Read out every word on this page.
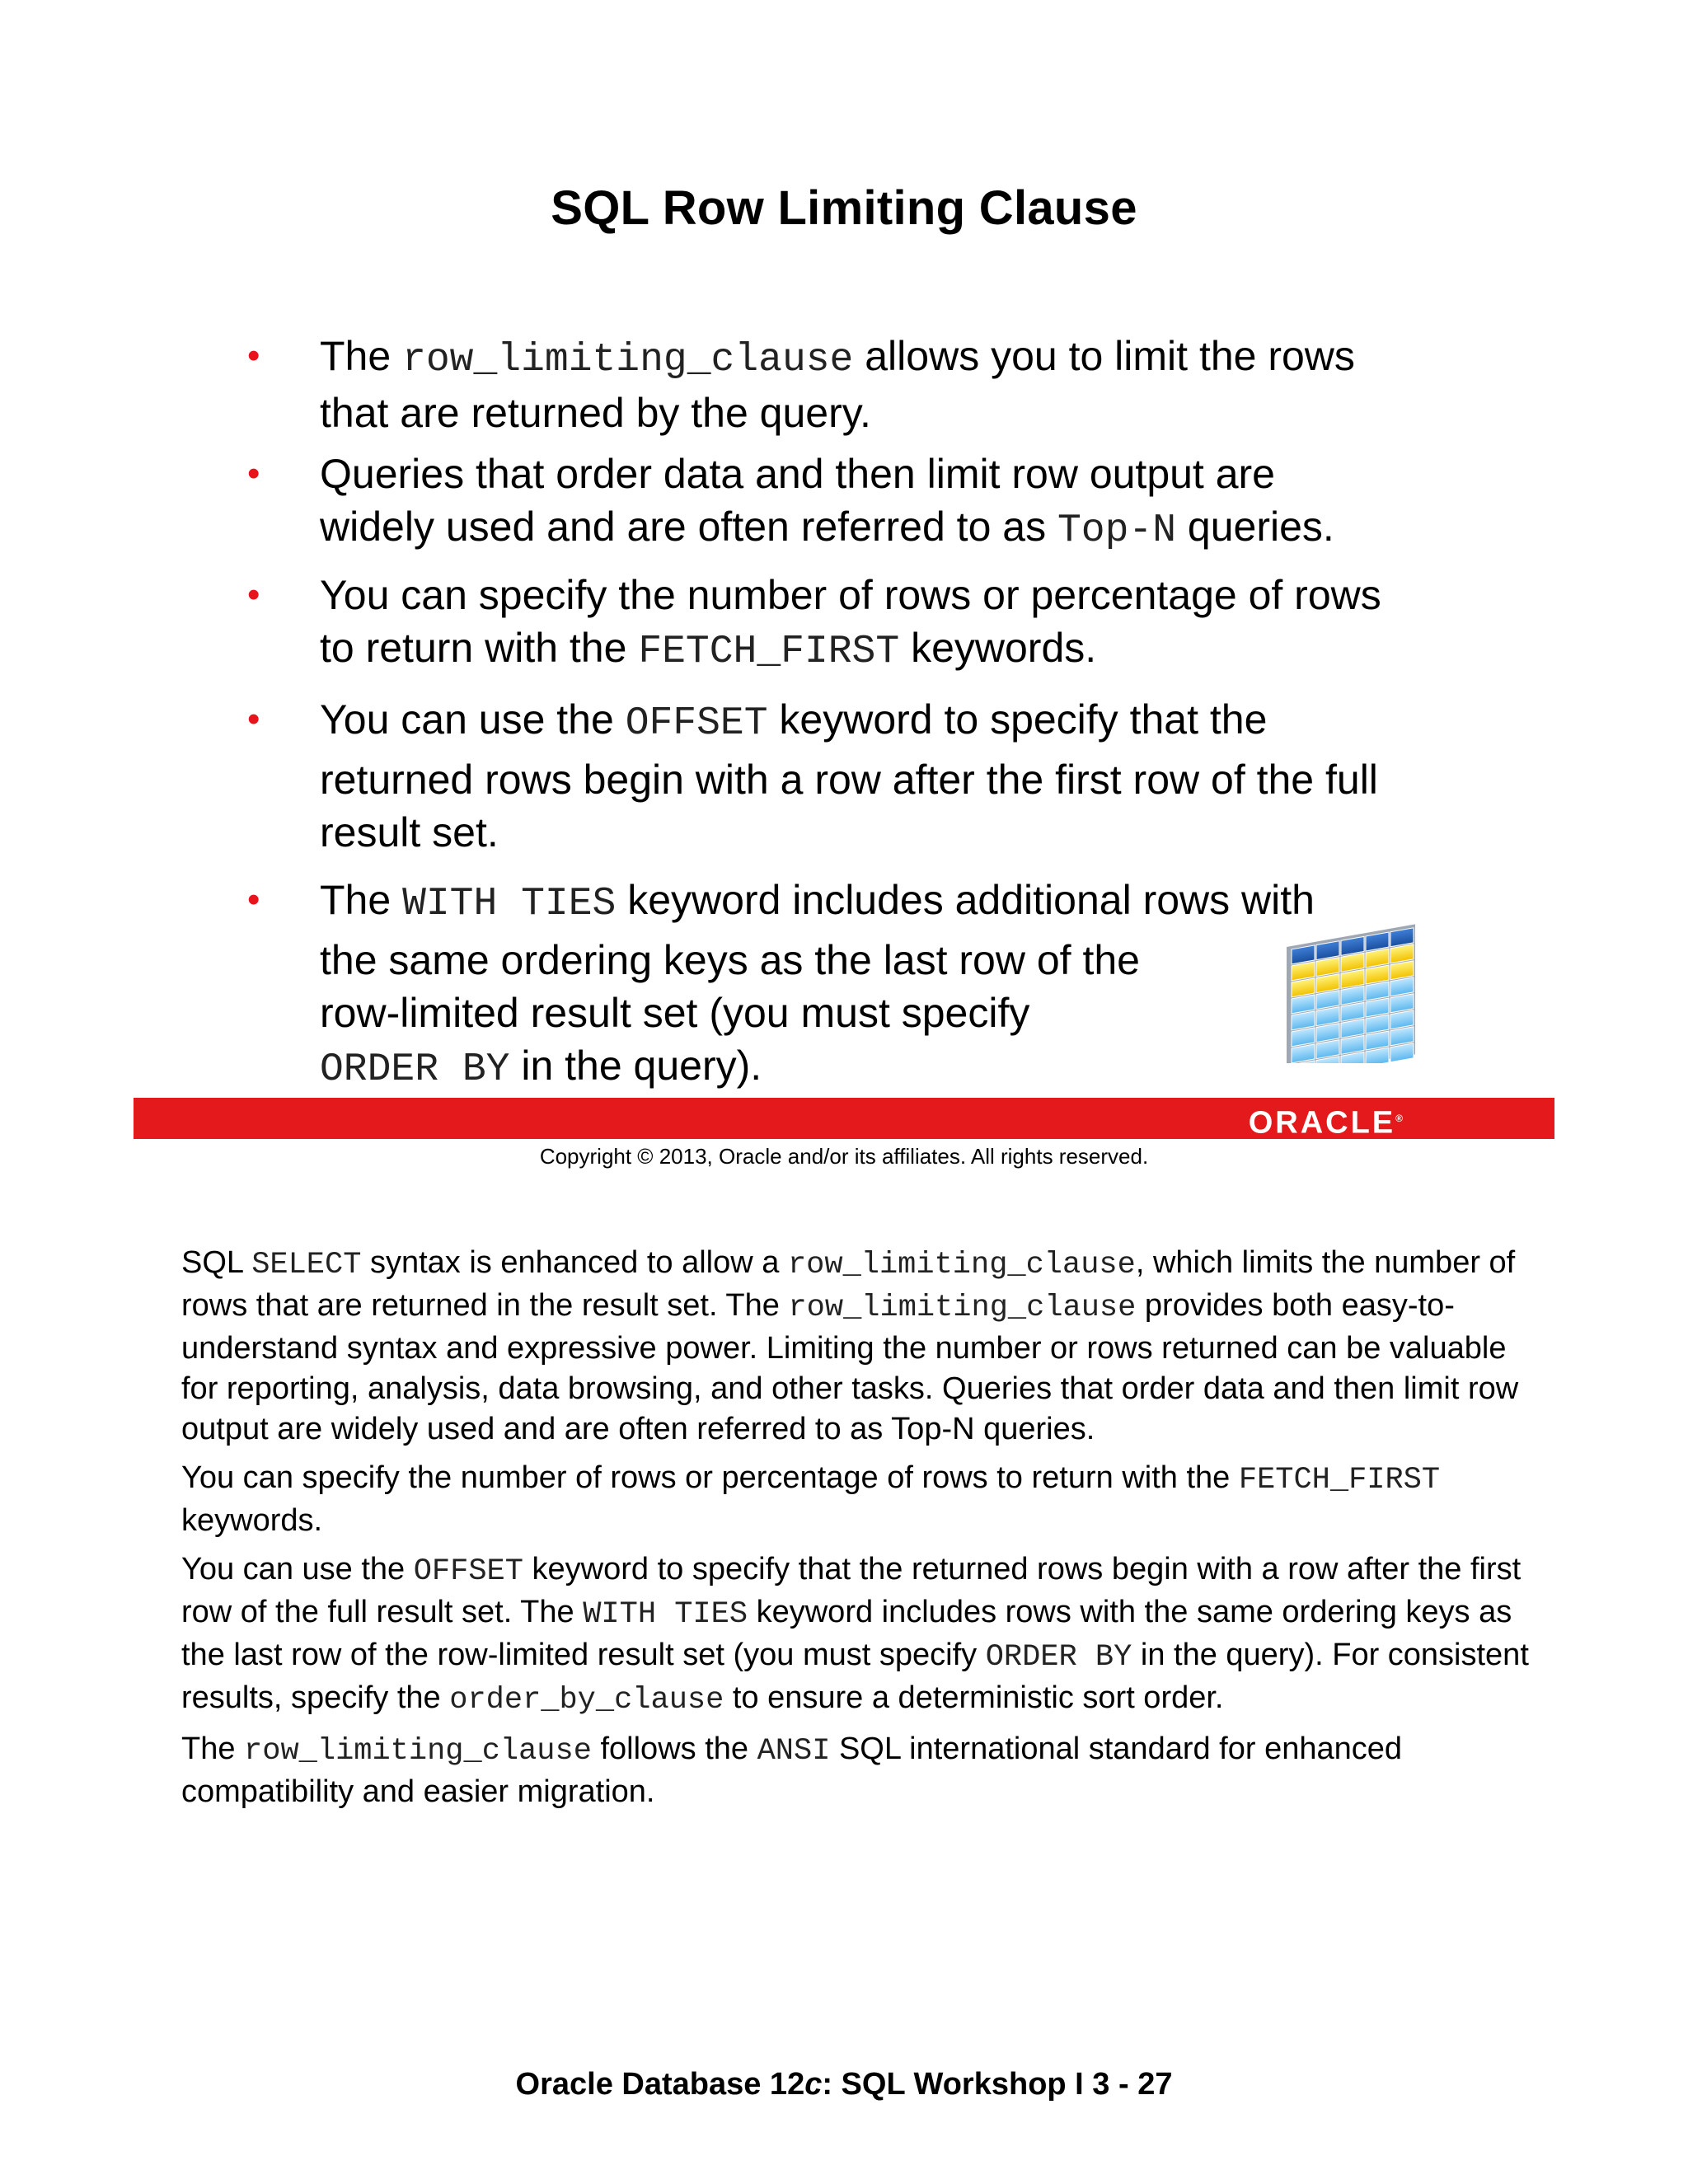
SQL Row Limiting Clause
• The row_limiting_clause allows you to limit the rows
that are returned by the query.
• Queries that order data and then limit row output are
widely used and are often referred to as Top-N queries.
• You can specify the number of rows or percentage of rows
to return with the FETCH_FIRST keywords.
• You can use the OFFSET keyword to specify that the
returned rows begin with a row after the first row of the full
result set.
• The WITH TIES keyword includes additional rows with
the same ordering keys as the last row of the
row-limited result set (you must specify
ORDER BY in the query).
ORACLE®
Copyright © 2013, Oracle and/or its affiliates. All rights reserved.

SQL SELECT syntax is enhanced to allow a row_limiting_clause, which limits the number of rows that are returned in the result set. The row_limiting_clause provides both easy-to-understand syntax and expressive power. Limiting the number or rows returned can be valuable for reporting, analysis, data browsing, and other tasks. Queries that order data and then limit row output are widely used and are often referred to as Top-N queries.

You can specify the number of rows or percentage of rows to return with the FETCH_FIRST keywords.

You can use the OFFSET keyword to specify that the returned rows begin with a row after the first row of the full result set. The WITH TIES keyword includes rows with the same ordering keys as the last row of the row-limited result set (you must specify ORDER BY in the query). For consistent results, specify the order_by_clause to ensure a deterministic sort order.

The row_limiting_clause follows the ANSI SQL international standard for enhanced compatibility and easier migration.

Oracle Database 12c: SQL Workshop I 3 - 27
